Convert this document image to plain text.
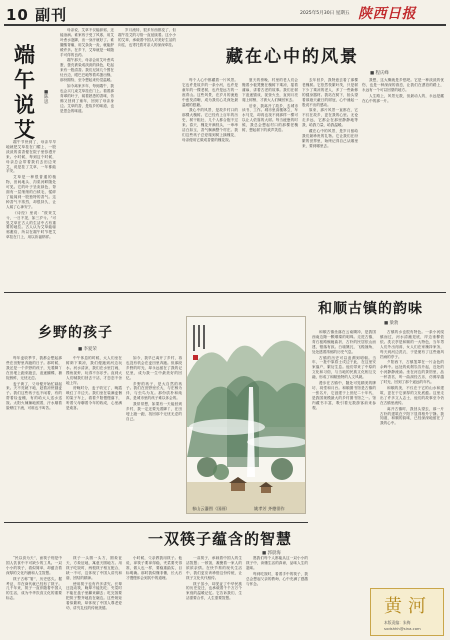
10 副刊	2025年5月30日 星期五 陕西日报
端午说艾
■ 陈思

端午节快到了，母亲早早地就把艾草挂在门楣上，一股淡淡的清香便在院子里弥漫开来。小时候，每到这个时候，母亲总会带着我们去田边采艾，说是挂了艾草，一年都能平安。

艾草是一种很普通的植物，田间地头、沟渠河畔随处可见。它的叶子呈灰绿色，背面有一层细细的白绒毛，揉碎了能闻到一股独特的香气。这种香气不浓烈，却很持久，让人闻了心神安宁。

《诗经》里说：“彼采艾兮，一日不见，如三岁兮。”可见艾草在古人的生活中占有重要的地位。古人认为艾草能驱邪避疫，所以在端午时节把艾草挂在门上，用以祈福纳祥。

母亲说，艾草不仅能辟邪，还能治病。谁家孩子受了风寒，用艾叶煮水泡脚，出一身汗就好了。谁腰酸背痛，用艾条灸一灸，就能舒缓许多。在乡下，艾草就是一味随手可得的良药。

端午那天，母亲会用艾叶煮鸡蛋，蛋壳被染成淡淡的绿色，吃起来有一股清香。我们兄妹几个围在灶台边，眼巴巴地等着鸡蛋出锅，那份期待，至今想起来仍觉温暖。

如今离家多年，每到端午，我也会买几束艾草挂在门上。看着那青翠的叶子，闻着熟悉的香味，仿佛又回到了童年，回到了母亲身边。艾草的香，是故乡的味道，也是思念的味道。

岁月流转，很多东西都变了，但端午挂艾的习俗一直延续着。这小小的艾草，承载着中国人对美好生活的向往，也寄托着对亲人的深深牵挂。

藏在心中的风景
■ 程庆峰

每个人心中都藏着一片风景。它也许是故乡的一条小河，也许是童年的一棵老树，也许是远方的一座青山。这些风景，在岁月的流逝中愈发清晰，成为我们心灵深处最温暖的慰藉。

我心中的风景，是故乡村口的那棵大槐树。它已经有上百年的历史，树干粗壮，几个人都合抱不过来。春天，槐花开满枝头，一串串洁白如玉，香气飘满整个村庄。我们这些孩子总爱爬到树上摘槐花，母亲便用它做成香甜的槐花饭。

夏天的傍晚，村里的老人们会搬着小板凳聚在槐树下乘凉，摇着蒲扇，讲着古老的故事。我们在树下追逐嬉戏，捉萤火虫，直到月亮爬上树梢，才被大人们喊回家去。

后来，我离开了故乡，去城市读书、工作。城市里高楼林立，车水马龙，却再也找不到那样一棵可以让人依靠的大树。每当疲惫的时候，我总会想起村口的那棵老槐树，想起树下的欢声笑语。

去年回乡，我特意去看了那棵老槐树。它依然枝繁叶茂，只是树下少了乘凉的老人，多了一些新修的健身器材。我站在树下，抬头望着那遮天蔽日的树冠，心中涌起一股说不出的感动。

原来，那片风景一直都在，它不仅在故乡，更在我的心里。无论走多远，它都会在那里静静地等我，给我力量，给我温暖。

藏在心中的风景，是岁月留给我们最珍贵的礼物。它让我们在纷繁的世界里，始终记得自己从哪里来，要到哪里去。

我想，这大概就是乡愁吧。它是一种淡淡的忧伤，也是一种深深的眷恋，让我们在漂泊的路上，永远有一个可以回望的地方。

人生路上，风景无数，但最动人的，永远是藏在心中的那一片。

和顺古镇的韵味
■ 梁勃

和顺古镇坐落在云南腾冲，是我国西南边陲一颗璀璨的明珠。走进古镇，青石板路蜿蜒曲折，古朴的民居依山而建，错落有致。白墙黛瓦，飞檐翘角，处处透着浓郁的历史气息。

古镇的历史可以追溯到明朝。当年，一批中原将士戍边于此，在这里安家落户，繁衍生息。他们带来了中原的文化和习俗，与当地的民族文化相互交融，形成了和顺独特的人文风貌。

漫步在古镇中，随处可见精美的牌坊、祠堂和月台。和顺图书馆是古镇的一张名片，它创建于上世纪二十年代，是我国规模最大的乡村图书馆之一。馆内藏书丰富，吸引着无数游客前来参观。

古镇的水也很有特色。一条小河绕镇而过，河水清澈见底，岸边垂柳依依。洗衣亭是和顺的一大特色，当年男人们外出闯荡，女人们在家操持家务，每天到河边洗衣，于是便有了这些遮风挡雨的亭子。

夕阳西下，古镇笼罩在一片金色的余晖中。远处的炊烟袅袅升起，近处的小河静静流淌。坐在河边的茶馆里，品一杯香茗，听一曲洞经古乐，仿佛穿越了时光，回到了那个遥远的年代。

和顺的美，不仅在于它的山水和建筑，更在于它深厚的文化底蕴。这里走出了许多文人志士，他们的故事至今仍在古镇里流传。

离开古镇时，我回头望去，那一片古朴的建筑在夕阳下显得格外宁静。我知道，和顺的韵味，已经深深地留在了我的心中。

乡野的孩子
■ 李爱荣

每年麦收季节，我都会想起那些在田野里奔跑的日子。那时候，我还是一个乡野的孩子，光着脚丫在田埂上跑来跑去，追逐蝴蝶，捕捉蚂蚱，无忧无虑。

麦子黄了，父母便开始忙碌起来。天不亮就下地，趁着凉快割麦子。我们这些孩子也不闲着，有的帮着捡麦穗，有的给大人送水送饭。太阳火辣辣地照着，汗水顺着脸颊往下流，可谁也不叫苦。

中午休息的时候，大人们坐在树荫下乘凉，我们便跑到河边玩水。河水清凉，我们在水里打闹，摸鱼捉虾，玩得不亦乐乎。直到大人们喊我们回去干活，才恋恋不舍地上岸。

傍晚时分，麦子收完了，晚霞映红了半边天。我们坐在装满麦捆的架子车上，看着夕阳慢慢落下，听着父母聊着今年的收成，心里满是欢喜。

如今，我早已离开了乡村，再也没有机会在麦田里奔跑。但那段乡野的时光，却永远留在了我的记忆里，成为我一生中最美好的回忆。

乡野的孩子，是大自然的孩子。我们在田野里长大，与庄稼为伴，与虫鸟为友。那份质朴和纯真，是城市里的孩子难以体会的。

我常常想，如果有一天能回到乡村，我一定还要光着脚丫，在田埂上跑一跑，找回那个无忧无虑的自己。

春山云瀑图（国画）	姚孝芳 齐德翎作
一双筷子蕴含的智慧
■ 郭晨海

“民以食为天”，而筷子则是中国人饮食中不可缺少的工具。一双小小的筷子，看似简单，却蕴含着深厚的文化内涵和人生智慧。

筷子古称“箸”，历史悠久。据考证，早在商代就已经有了筷子。几千年来，筷子一直伴随着中国人的生活，成为中华饮食文化的重要标志。

筷子一头圆一头方，圆象征天，方象征地，寓意天圆地方。用筷子吃饭时，两根筷子相互配合，缺一不可，这体现了中国人讲究和谐、团结的精神。

使用筷子也有许多讲究。长辈还没动筷，晚辈不能先吃；夹菜时不能在盘子里翻来翻去；吃完饭要把筷子整齐地放在碗边。这些规矩看似繁琐，却体现了中国人尊老爱幼、讲究礼仪的传统美德。

小时候，父亲教我用筷子。他说，拿筷子要拿得稳，夹菜要夹得准，做人也一样，要稳重踏实，目标明确。那时我似懂非懂，长大后才慢慢体会到其中的道理。

一双筷子，承载着中国人的生活智慧；一顿饭，凝聚着一家人的浓浓亲情。在快节奏的现代生活中，我们更应该珍惜这份传统，让筷子文化代代相传。

筷子虽小，却见证了中华民族的历史变迁，也承载着千千万万个家庭的温暖记忆。它告诉我们，生活需要合作，人生需要智慧。

愿我们每个人都能从这一双小小的筷子中，读懂生活的真谛，品味人生的滋味。

每到吃饭时，看着手中的筷子，我总会想起父亲的教诲，心中充满了感激与怀念。

黄河
本版责编：朱梅
sxdshhh@sina.com
